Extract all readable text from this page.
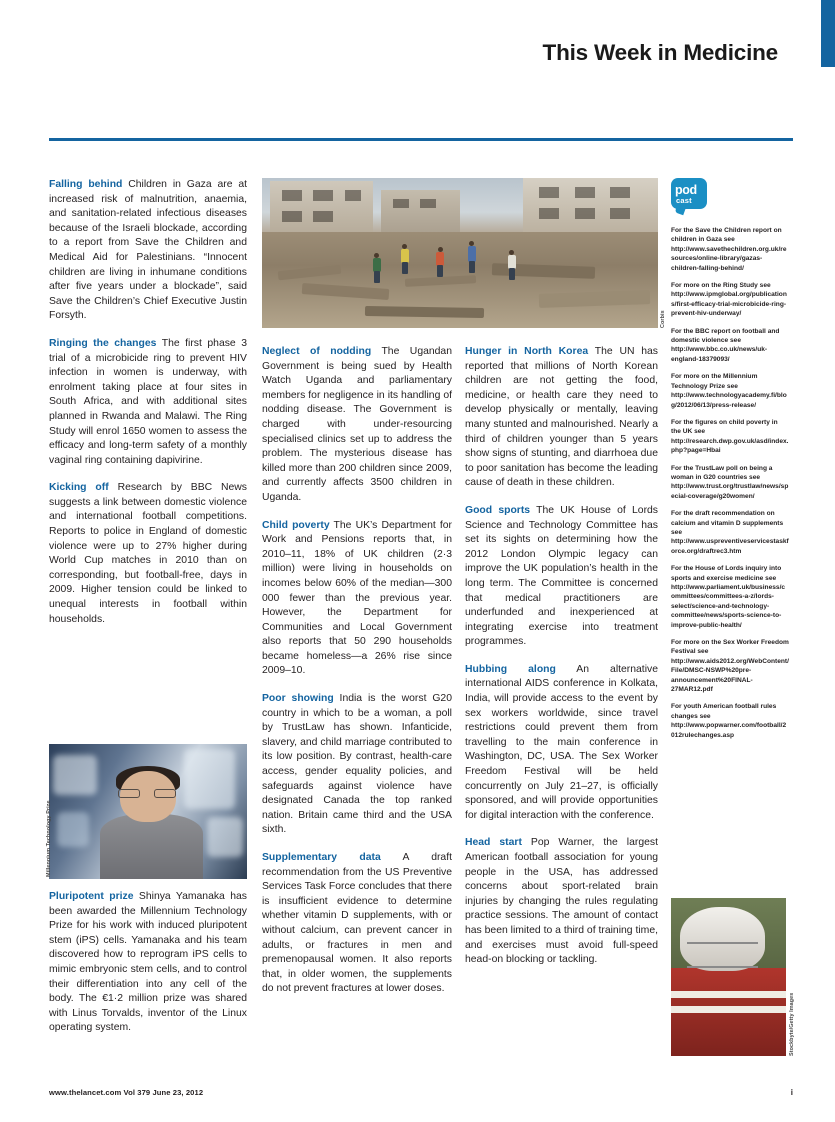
This Week in Medicine
Corbis
Millennium Technology Prize
Stockbyte/Getty Images

Falling behind Children in Gaza are at increased risk of malnutrition, anaemia, and sanitation-related infectious diseases because of the Israeli blockade, according to a report from Save the Children and Medical Aid for Palestinians. “Innocent children are living in inhumane conditions after five years under a blockade”, said Save the Children’s Chief Executive Justin Forsyth.

Ringing the changes The first phase 3 trial of a microbicide ring to prevent HIV infection in women is underway, with enrolment taking place at four sites in South Africa, and with additional sites planned in Rwanda and Malawi. The Ring Study will enrol 1650 women to assess the efficacy and long-term safety of a monthly vaginal ring containing dapivirine.

Kicking off Research by BBC News suggests a link between domestic violence and international football competitions. Reports to police in England of domestic violence were up to 27% higher during World Cup matches in 2010 than on corresponding, but football-free, days in 2009. Higher tension could be linked to unequal interests in football within households.

Pluripotent prize Shinya Yamanaka has been awarded the Millennium Technology Prize for his work with induced pluripotent stem (iPS) cells. Yamanaka and his team discovered how to reprogram iPS cells to mimic embryonic stem cells, and to control their differentiation into any cell of the body. The €1·2 million prize was shared with Linus Torvalds, inventor of the Linux operating system.

Neglect of nodding The Ugandan Government is being sued by Health Watch Uganda and parliamentary members for negligence in its handling of nodding disease. The Government is charged with under-resourcing specialised clinics set up to address the problem. The mysterious disease has killed more than 200 children since 2009, and currently affects 3500 children in Uganda.

Child poverty The UK’s Department for Work and Pensions reports that, in 2010–11, 18% of UK children (2·3 million) were living in households on incomes below 60% of the median—300 000 fewer than the previous year. However, the Department for Communities and Local Government also reports that 50 290 households became homeless—a 26% rise since 2009–10.

Poor showing India is the worst G20 country in which to be a woman, a poll by TrustLaw has shown. Infanticide, slavery, and child marriage contributed to its low position. By contrast, health-care access, gender equality policies, and safeguards against violence have designated Canada the top ranked nation. Britain came third and the USA sixth.

Supplementary data A draft recommendation from the US Preventive Services Task Force concludes that there is insufficient evidence to determine whether vitamin D supplements, with or without calcium, can prevent cancer in adults, or fractures in men and premenopausal women. It also reports that, in older women, the supplements do not prevent fractures at lower doses.

Hunger in North Korea The UN has reported that millions of North Korean children are not getting the food, medicine, or health care they need to develop physically or mentally, leaving many stunted and malnourished. Nearly a third of children younger than 5 years show signs of stunting, and diarrhoea due to poor sanitation has become the leading cause of death in these children.

Good sports The UK House of Lords Science and Technology Committee has set its sights on determining how the 2012 London Olympic legacy can improve the UK population’s health in the long term. The Committee is concerned that medical practitioners are underfunded and inexperienced at integrating exercise into treatment programmes.

Hubbing along An alternative international AIDS conference in Kolkata, India, will provide access to the event by sex workers worldwide, since travel restrictions could prevent them from travelling to the main conference in Washington, DC, USA. The Sex Worker Freedom Festival will be held concurrently on July 21–27, is officially sponsored, and will provide opportunities for digital interaction with the conference.

Head start Pop Warner, the largest American football association for young people in the USA, has addressed concerns about sport-related brain injuries by changing the rules regulating practice sessions. The amount of contact has been limited to a third of training time, and exercises must avoid full-speed head-on blocking or tackling.

pod
cast
For the Save the Children report on children in Gaza see http://www.savethechildren.org.uk/resources/online-library/gazas-children-falling-behind/
For more on the Ring Study see http://www.ipmglobal.org/publications/first-efficacy-trial-microbicide-ring-prevent-hiv-underway/
For the BBC report on football and domestic violence see http://www.bbc.co.uk/news/uk-england-18379093/
For more on the Millennium Technology Prize see http://www.technologyacademy.fi/blog/2012/06/13/press-release/
For the figures on child poverty in the UK see http://research.dwp.gov.uk/asd/index.php?page=Hbai
For the TrustLaw poll on being a woman in G20 countries see http://www.trust.org/trustlaw/news/special-coverage/g20women/
For the draft recommendation on calcium and vitamin D supplements see http://www.uspreventiveservicestaskforce.org/draftrec3.htm
For the House of Lords inquiry into sports and exercise medicine see http://www.parliament.uk/business/committees/committees-a-z/lords-select/science-and-technology-committee/news/sports-science-to-improve-public-health/
For more on the Sex Worker Freedom Festival see http://www.aids2012.org/WebContent/File/DMSC-NSWP%20pre-announcement%20FINAL-27MAR12.pdf
For youth American football rules changes see http://www.popwarner.com/football/2012rulechanges.asp
www.thelancet.com Vol 379 June 23, 2012	i
